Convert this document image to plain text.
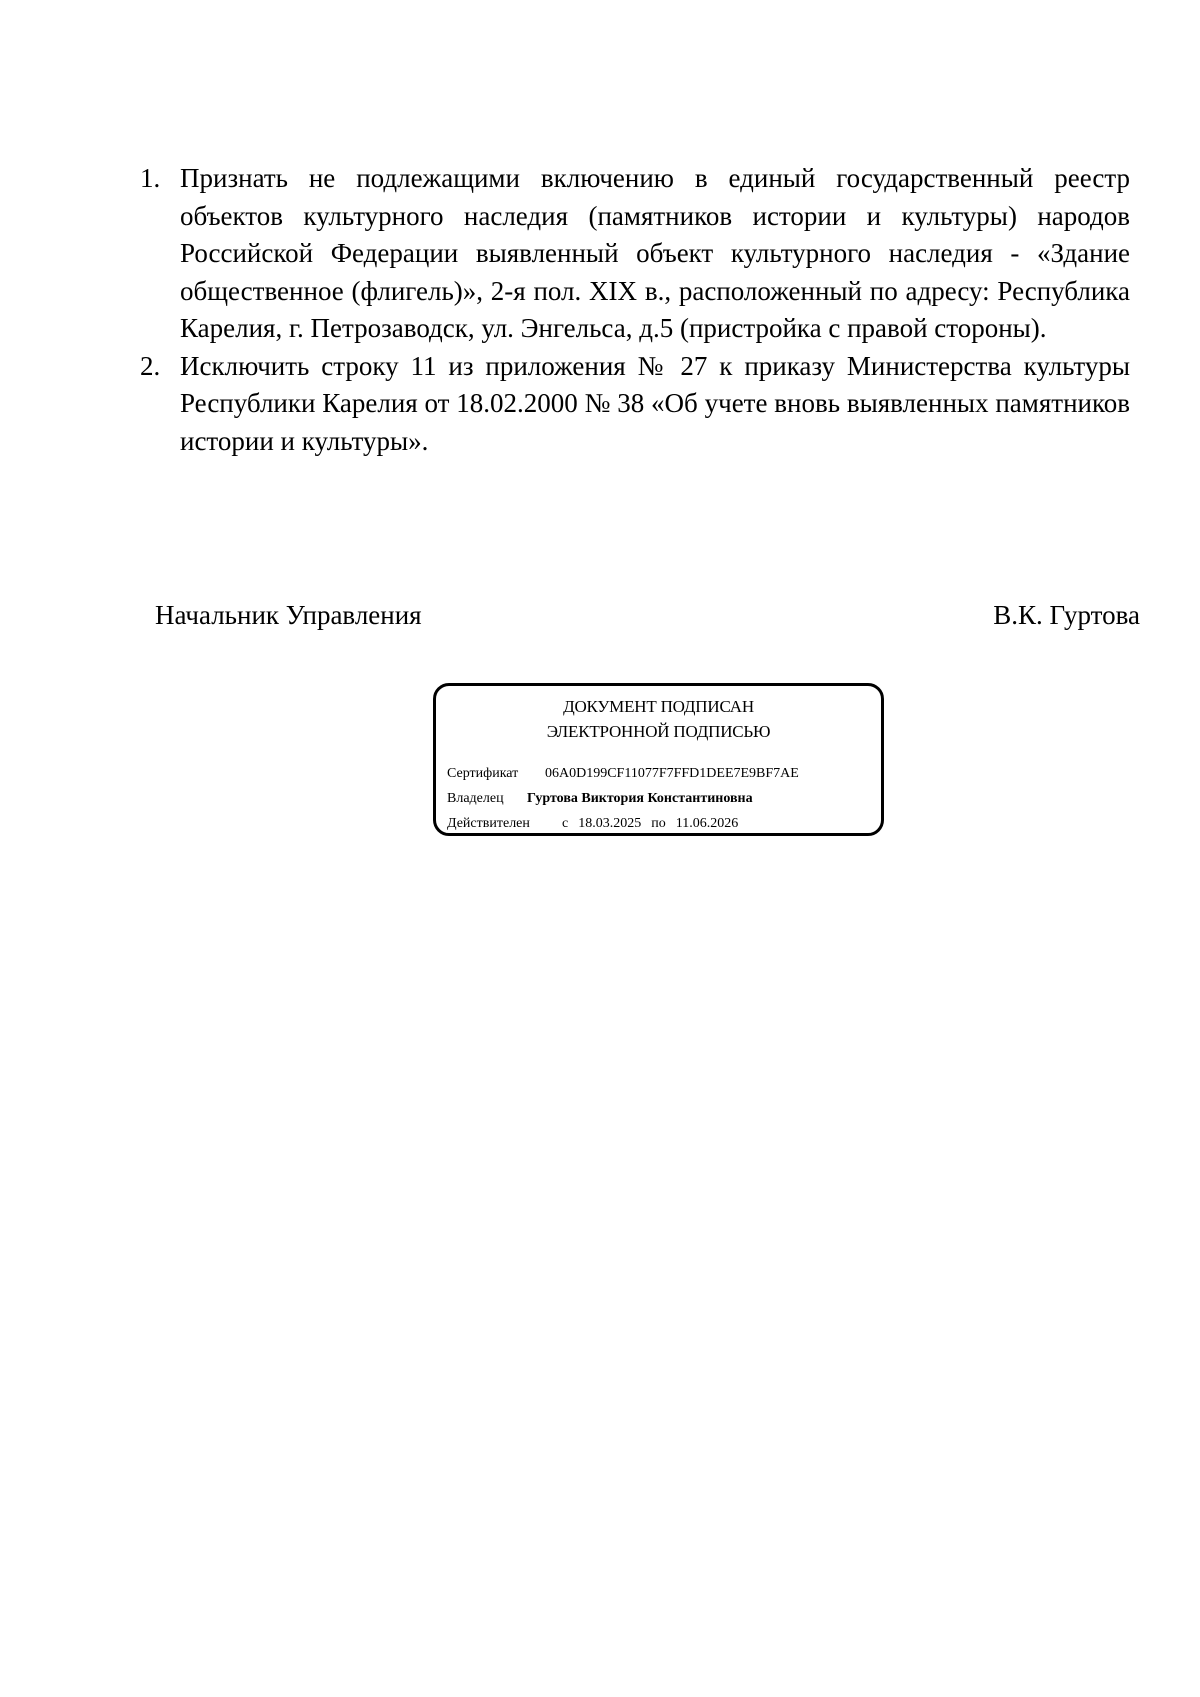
1. Признать не подлежащими включению в единый государственный реестр объектов культурного наследия (памятников истории и культуры) народов Российской Федерации выявленный объект культурного наследия - «Здание общественное (флигель)», 2-я пол. XIX в., расположенный по адресу: Республика Карелия, г. Петрозаводск, ул. Энгельса, д.5 (пристройка с правой стороны).

2. Исключить строку 11 из приложения № 27 к приказу Министерства культуры Республики Карелия от 18.02.2000 № 38 «Об учете вновь выявленных памятников истории и культуры».

Начальник Управления	В.К. Гуртова
ДОКУМЕНТ ПОДПИСАН
ЭЛЕКТРОННОЙ ПОДПИСЬЮ
Сертификат 06A0D199CF11077F7FFD1DEE7E9BF7AE
Владелец Гуртова Виктория Константиновна
Действителен с 18.03.2025 по 11.06.2026
